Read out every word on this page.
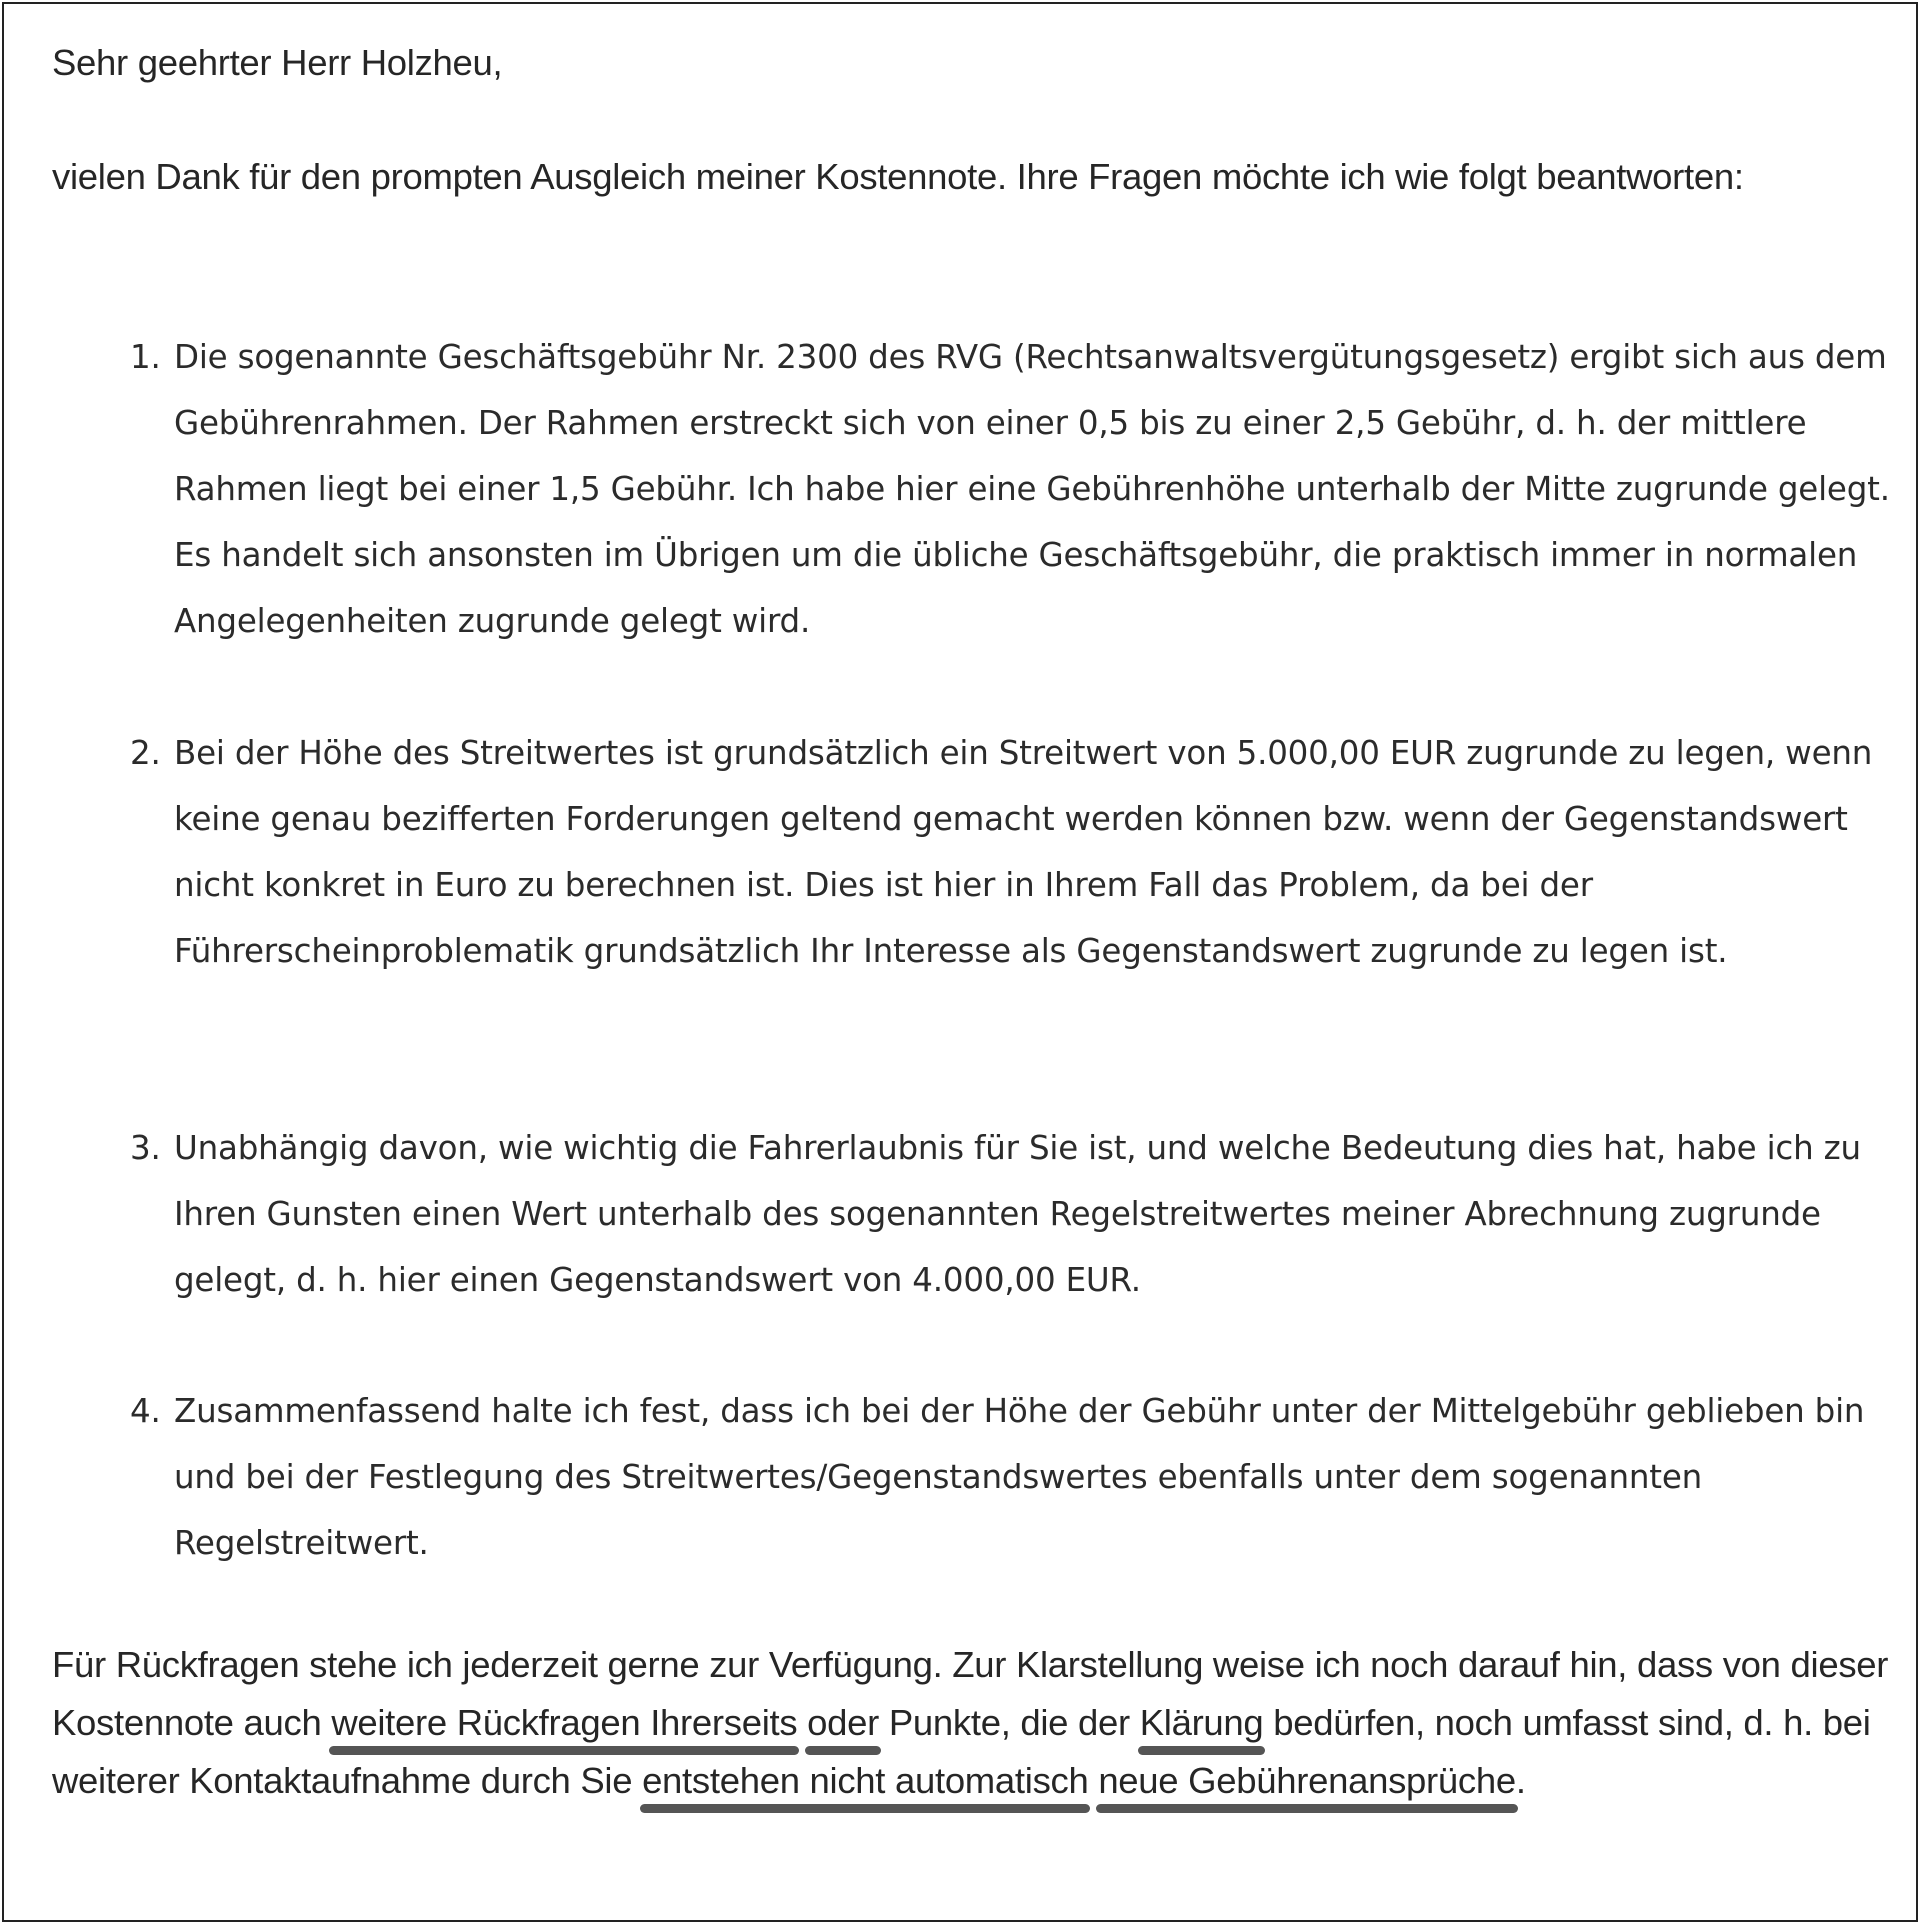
Sehr geehrter Herr Holzheu,
vielen Dank für den prompten Ausgleich meiner Kostennote. Ihre Fragen möchte ich wie folgt beantworten:
1. Die sogenannte Geschäftsgebühr Nr. 2300 des RVG (Rechtsanwaltsvergütungsgesetz) ergibt sich aus dem Gebührenrahmen. Der Rahmen erstreckt sich von einer 0,5 bis zu einer 2,5 Gebühr, d. h. der mittlere Rahmen liegt bei einer 1,5 Gebühr. Ich habe hier eine Gebührenhöhe unterhalb der Mitte zugrunde gelegt. Es handelt sich ansonsten im Übrigen um die übliche Geschäftsgebühr, die praktisch immer in normalen Angelegenheiten zugrunde gelegt wird.
2. Bei der Höhe des Streitwertes ist grundsätzlich ein Streitwert von 5.000,00 EUR zugrunde zu legen, wenn keine genau bezifferten Forderungen geltend gemacht werden können bzw. wenn der Gegenstandswert nicht konkret in Euro zu berechnen ist. Dies ist hier in Ihrem Fall das Problem, da bei der Führerscheinproblematik grundsätzlich Ihr Interesse als Gegenstandswert zugrunde zu legen ist.
3. Unabhängig davon, wie wichtig die Fahrerlaubnis für Sie ist, und welche Bedeutung dies hat, habe ich zu Ihren Gunsten einen Wert unterhalb des sogenannten Regelstreitwertes meiner Abrechnung zugrunde gelegt, d. h. hier einen Gegenstandswert von 4.000,00 EUR.
4. Zusammenfassend halte ich fest, dass ich bei der Höhe der Gebühr unter der Mittelgebühr geblieben bin und bei der Festlegung des Streitwertes/Gegenstandswertes ebenfalls unter dem sogenannten Regelstreitwert.
Für Rückfragen stehe ich jederzeit gerne zur Verfügung. Zur Klarstellung weise ich noch darauf hin, dass von dieser Kostennote auch weitere Rückfragen Ihrerseits oder Punkte, die der Klärung bedürfen, noch umfasst sind, d. h. bei weiterer Kontaktaufnahme durch Sie entstehen nicht automatisch neue Gebührenansprüche.
